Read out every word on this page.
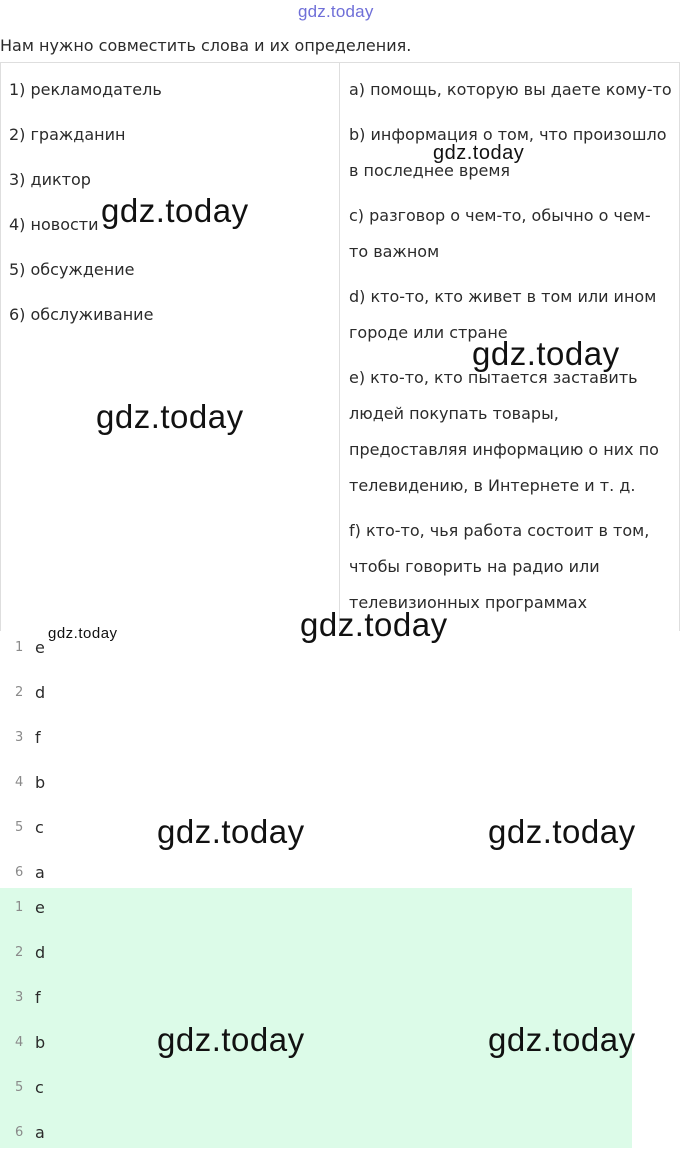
gdz.today
Нам нужно совместить слова и их определения.
1) рекламодатель
2) гражданин
3) диктор
4) новости
5) обсуждение
6) обслуживание
a) помощь, которую вы даете кому-то
b) информация о том, что произошло
в последнее время
c) разговор о чем-то, обычно о чем-
то важном
d) кто-то, кто живет в том или ином
городе или стране
e) кто-то, кто пытается заставить
людей покупать товары,
предоставляя информацию о них по
телевидению, в Интернете и т. д.
f) кто-то, чья работа состоит в том,
чтобы говорить на радио или
телевизионных программах
1 e
2 d
3 f
4 b
5 c
6 a
1 e
2 d
3 f
4 b
5 c
6 a
gdz.today
gdz.today
gdz.today
gdz.today
gdz.today
gdz.today
gdz.today	gdz.today
gdz.today	gdz.today
